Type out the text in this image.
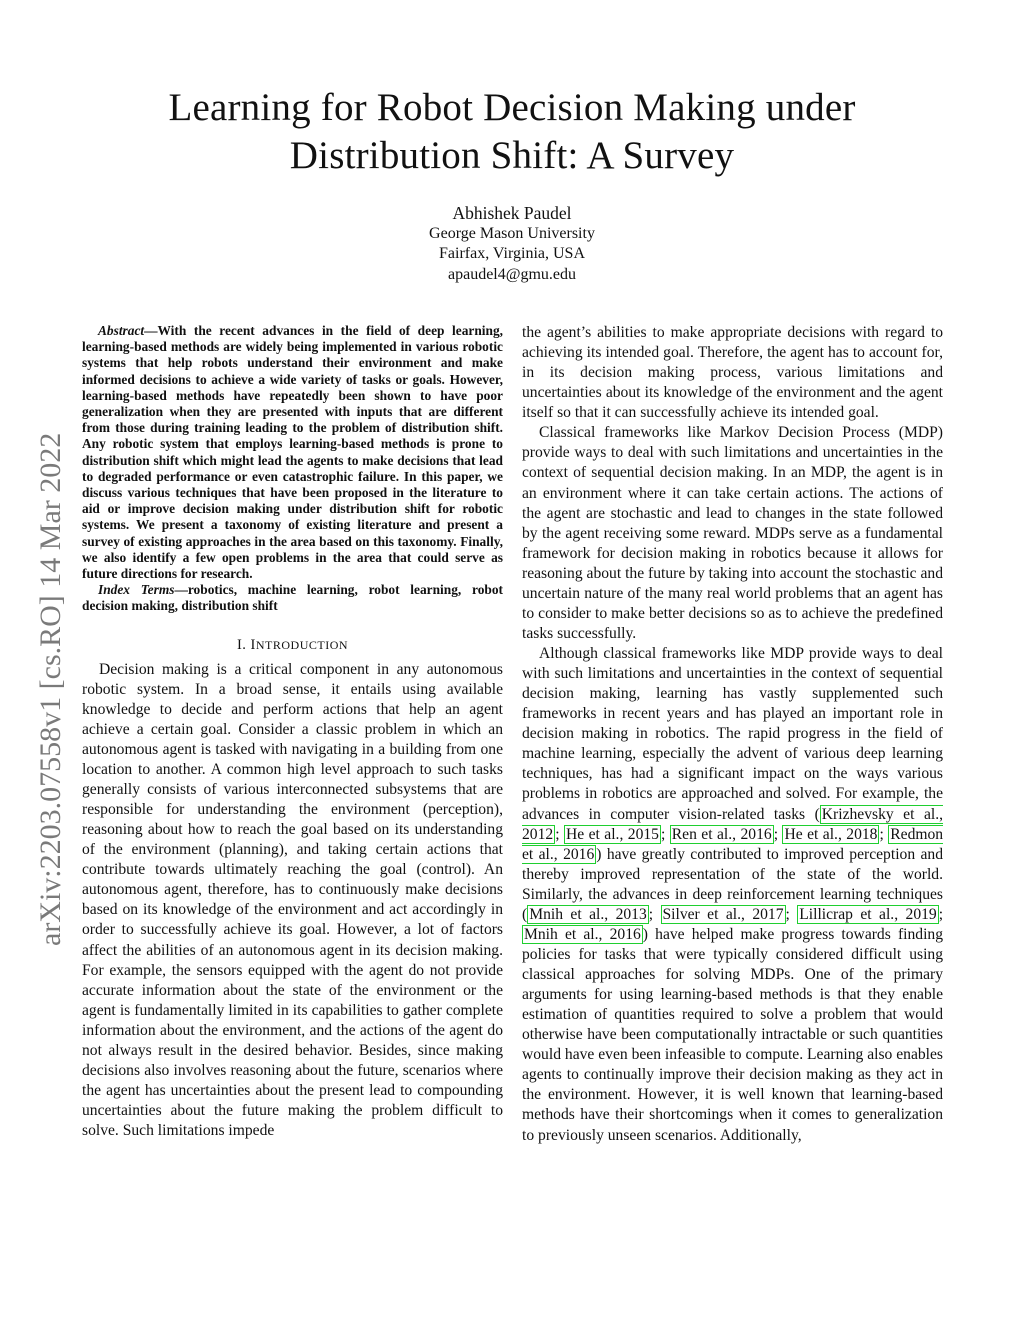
Learning for Robot Decision Making under Distribution Shift: A Survey
Abhishek Paudel
George Mason University
Fairfax, Virginia, USA
apaudel4@gmu.edu
arXiv:2203.07558v1 [cs.RO] 14 Mar 2022

Abstract—With the recent advances in the field of deep learning, learning-based methods are widely being implemented in various robotic systems that help robots understand their environment and make informed decisions to achieve a wide variety of tasks or goals. However, learning-based methods have repeatedly been shown to have poor generalization when they are presented with inputs that are different from those during training leading to the problem of distribution shift. Any robotic system that employs learning-based methods is prone to distribution shift which might lead the agents to make decisions that lead to degraded performance or even catastrophic failure. In this paper, we discuss various techniques that have been proposed in the literature to aid or improve decision making under distribution shift for robotic systems. We present a taxonomy of existing literature and present a survey of existing approaches in the area based on this taxonomy. Finally, we also identify a few open problems in the area that could serve as future directions for research.

Index Terms—robotics, machine learning, robot learning, robot decision making, distribution shift

I. INTRODUCTION

Decision making is a critical component in any autonomous robotic system. In a broad sense, it entails using available knowledge to decide and perform actions that help an agent achieve a certain goal. Consider a classic problem in which an autonomous agent is tasked with navigating in a building from one location to another. A common high level approach to such tasks generally consists of various interconnected subsystems that are responsible for understanding the environment (perception), reasoning about how to reach the goal based on its understanding of the environment (planning), and taking certain actions that contribute towards ultimately reaching the goal (control). An autonomous agent, therefore, has to continuously make decisions based on its knowledge of the environment and act accordingly in order to successfully achieve its goal. However, a lot of factors affect the abilities of an autonomous agent in its decision making. For example, the sensors equipped with the agent do not provide accurate information about the state of the environment or the agent is fundamentally limited in its capabilities to gather complete information about the environment, and the actions of the agent do not always result in the desired behavior. Besides, since making decisions also involves reasoning about the future, scenarios where the agent has uncertainties about the present lead to compounding uncertainties about the future making the problem difficult to solve. Such limitations impede

the agent’s abilities to make appropriate decisions with regard to achieving its intended goal. Therefore, the agent has to account for, in its decision making process, various limitations and uncertainties about its knowledge of the environment and the agent itself so that it can successfully achieve its intended goal.

Classical frameworks like Markov Decision Process (MDP) provide ways to deal with such limitations and uncertainties in the context of sequential decision making. In an MDP, the agent is in an environment where it can take certain actions. The actions of the agent are stochastic and lead to changes in the state followed by the agent receiving some reward. MDPs serve as a fundamental framework for decision making in robotics because it allows for reasoning about the future by taking into account the stochastic and uncertain nature of the many real world problems that an agent has to consider to make better decisions so as to achieve the predefined tasks successfully.

Although classical frameworks like MDP provide ways to deal with such limitations and uncertainties in the context of sequential decision making, learning has vastly supplemented such frameworks in recent years and has played an important role in decision making in robotics. The rapid progress in the field of machine learning, especially the advent of various deep learning techniques, has had a significant impact on the ways various problems in robotics are approached and solved. For example, the advances in computer vision-related tasks ( Krizhevsky et al., 2012 ; He et al., 2015 ; Ren et al., 2016 ; He et al., 2018 ; Redmon et al., 2016 ) have greatly contributed to improved perception and thereby improved representation of the state of the world. Similarly, the advances in deep reinforcement learning techniques ( Mnih et al., 2013 ; Silver et al., 2017 ; Lillicrap et al., 2019 ; Mnih et al., 2016 ) have helped make progress towards finding policies for tasks that were typically considered difficult using classical approaches for solving MDPs. One of the primary arguments for using learning-based methods is that they enable estimation of quantities required to solve a problem that would otherwise have been computationally intractable or such quantities would have even been infeasible to compute. Learning also enables agents to continually improve their decision making as they act in the environment. However, it is well known that learning-based methods have their shortcomings when it comes to generalization to previously unseen scenarios. Additionally,
